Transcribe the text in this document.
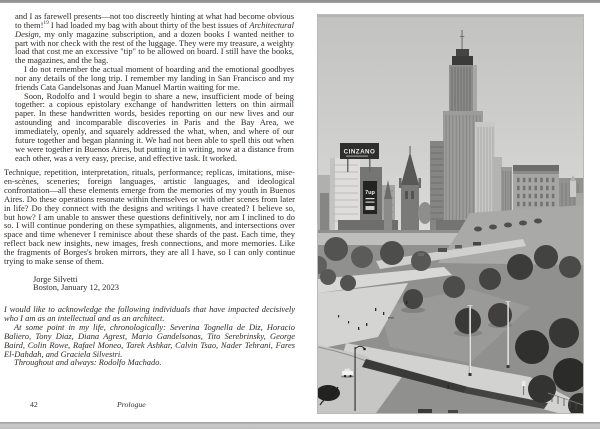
and I as farewell presents—not too discreetly hinting at what had become obvious to them!$^{19}$ I had loaded my bag with about thirty of the best issues of Architectural Design, my only magazine subscription, and a dozen books I wanted neither to part with nor check with the rest of the luggage. They were my treasure, a weighty load that cost me an excessive "tip" to be allowed on board. I still have the books, the magazines, and the bag.

I do not remember the actual moment of boarding and the emotional goodbyes nor any details of the long trip. I remember my landing in San Francisco and my friends Cata Gandelsonas and Juan Manuel Martin waiting for me.

Soon, Rodolfo and I would begin to share a new, insufficient mode of being together: a copious epistolary exchange of handwritten letters on thin airmail paper. In these handwritten words, besides reporting on our new lives and our astounding and incomparable discoveries in Paris and the Bay Area, we immediately, openly, and squarely addressed the what, when, and where of our future together and began planning it. We had not been able to spell this out when we were together in Buenos Aires, but putting it in writing, now at a distance from each other, was a very easy, precise, and effective task. It worked.

Technique, repetition, interpretation, rituals, performance; replicas, imitations, mise-en-scènes, sceneries; foreign languages, artistic languages, and ideological confrontation—all these elements emerge from the memories of my youth in Buenos Aires. Do these operations resonate within themselves or with other scenes from later in life? Do they connect with the designs and writings I have created? I believe so, but how? I am unable to answer these questions definitively, nor am I inclined to do so. I will continue pondering on these sympathies, alignments, and intersections over space and time whenever I reminisce about these shards of the past. Each time, they reflect back new insights, new images, fresh connections, and more memories. Like the fragments of Borges's broken mirrors, they are all I have, so I can only continue trying to make sense of them.

Jorge Silvetti

Boston, January 12, 2023

I would like to acknowledge the following individuals that have impacted decisively who I am as an intellectual and as an architect.

At some point in my life, chronologically: Severina Tognella de Diz, Horacio Baliero, Tony Diaz, Diana Agrest, Mario Gandelsonas, Tito Serebrinsky, George Baird, Colin Rowe, Rafael Moneo, Tarek Ashkar, Calvin Tsao, Nader Tehrani, Fares El-Dahdah, and Graciela Silvestri.

Throughout and always: Rodolfo Machado.

42	Prologue
CINZANO
7up
